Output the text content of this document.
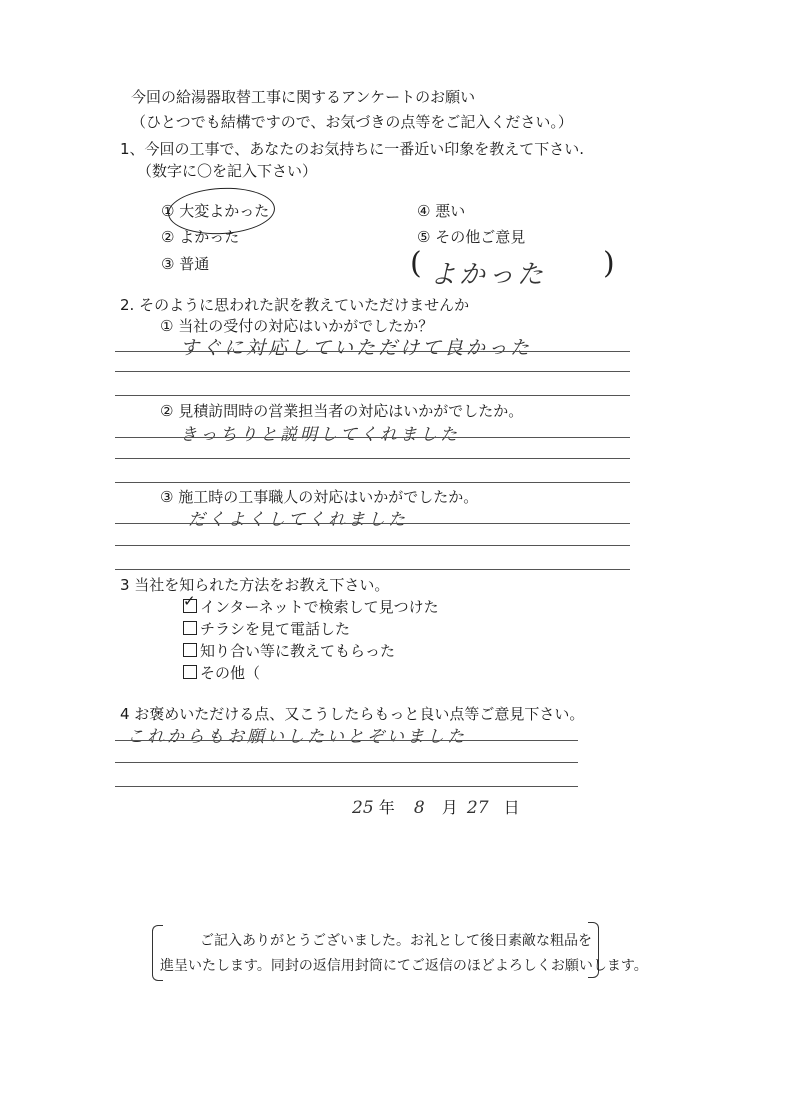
今回の給湯器取替工事に関するアンケートのお願い
（ひとつでも結構ですので、お気づきの点等をご記入ください。）
1、今回の工事で、あなたのお気持ちに一番近い印象を教えて下さい.
（数字に〇を記入下さい）
① 大変よかった
② よかった
③ 普通
④ 悪い
⑤ その他ご意見
( よかった )
2. そのように思われた訳を教えていただけませんか
① 当社の受付の対応はいかがでしたか？
すぐに対応していただけて良かった
② 見積訪問時の営業担当者の対応はいかがでしたか。
きっちりと説明してくれました
③ 施工時の工事職人の対応はいかがでしたか。
だくよくしてくれました
3 当社を知られた方法をお教え下さい。
✓ インターネットで検索して見つけた
チラシを見て電話した
知り合い等に教えてもらった
その他（
4 お褒めいただける点、又こうしたらもっと良い点等ご意見下さい。
これからもお願いしたいとぞいました
25 年 8 月 27 日
ご記入ありがとうございました。お礼として後日素敵な粗品を
進呈いたします。同封の返信用封筒にてご返信のほどよろしくお願いします。
